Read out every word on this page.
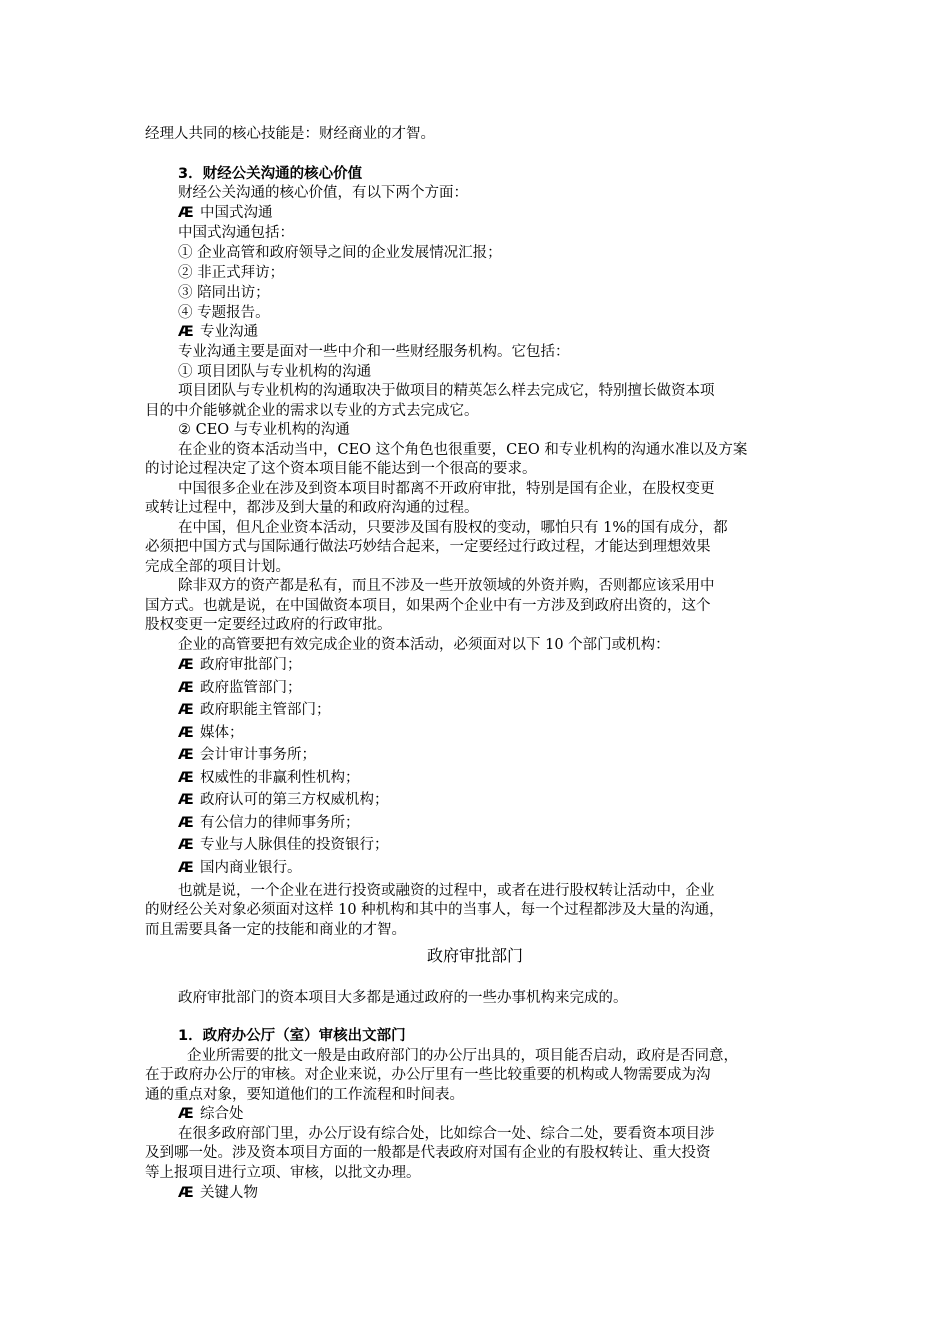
经理人共同的核心技能是：财经商业的才智。
3．财经公关沟通的核心价值
财经公关沟通的核心价值，有以下两个方面：
Æ 中国式沟通
中国式沟通包括：
① 企业高管和政府领导之间的企业发展情况汇报；
② 非正式拜访；
③ 陪同出访；
④ 专题报告。
Æ 专业沟通
专业沟通主要是面对一些中介和一些财经服务机构。它包括：
① 项目团队与专业机构的沟通
项目团队与专业机构的沟通取决于做项目的精英怎么样去完成它，特别擅长做资本项
目的中介能够就企业的需求以专业的方式去完成它。
② CEO 与专业机构的沟通
在企业的资本活动当中，CEO 这个角色也很重要，CEO 和专业机构的沟通水准以及方案
的讨论过程决定了这个资本项目能不能达到一个很高的要求。
中国很多企业在涉及到资本项目时都离不开政府审批，特别是国有企业，在股权变更
或转让过程中，都涉及到大量的和政府沟通的过程。
在中国，但凡企业资本活动，只要涉及国有股权的变动，哪怕只有 1%的国有成分，都
必须把中国方式与国际通行做法巧妙结合起来，一定要经过行政过程，才能达到理想效果
完成全部的项目计划。
除非双方的资产都是私有，而且不涉及一些开放领域的外资并购，否则都应该采用中
国方式。也就是说，在中国做资本项目，如果两个企业中有一方涉及到政府出资的，这个
股权变更一定要经过政府的行政审批。
企业的高管要把有效完成企业的资本活动，必须面对以下 10 个部门或机构：
Æ 政府审批部门；
Æ 政府监管部门；
Æ 政府职能主管部门；
Æ 媒体；
Æ 会计审计事务所；
Æ 权威性的非赢利性机构；
Æ 政府认可的第三方权威机构；
Æ 有公信力的律师事务所；
Æ 专业与人脉俱佳的投资银行；
Æ 国内商业银行。
也就是说，一个企业在进行投资或融资的过程中，或者在进行股权转让活动中，企业
的财经公关对象必须面对这样 10 种机构和其中的当事人，每一个过程都涉及大量的沟通，
而且需要具备一定的技能和商业的才智。
政府审批部门
政府审批部门的资本项目大多都是通过政府的一些办事机构来完成的。
1．政府办公厅（室）审核出文部门
企业所需要的批文一般是由政府部门的办公厅出具的，项目能否启动，政府是否同意，
在于政府办公厅的审核。对企业来说，办公厅里有一些比较重要的机构或人物需要成为沟
通的重点对象，要知道他们的工作流程和时间表。
Æ 综合处
在很多政府部门里，办公厅设有综合处，比如综合一处、综合二处，要看资本项目涉
及到哪一处。涉及资本项目方面的一般都是代表政府对国有企业的有股权转让、重大投资
等上报项目进行立项、审核，以批文办理。
Æ 关键人物
